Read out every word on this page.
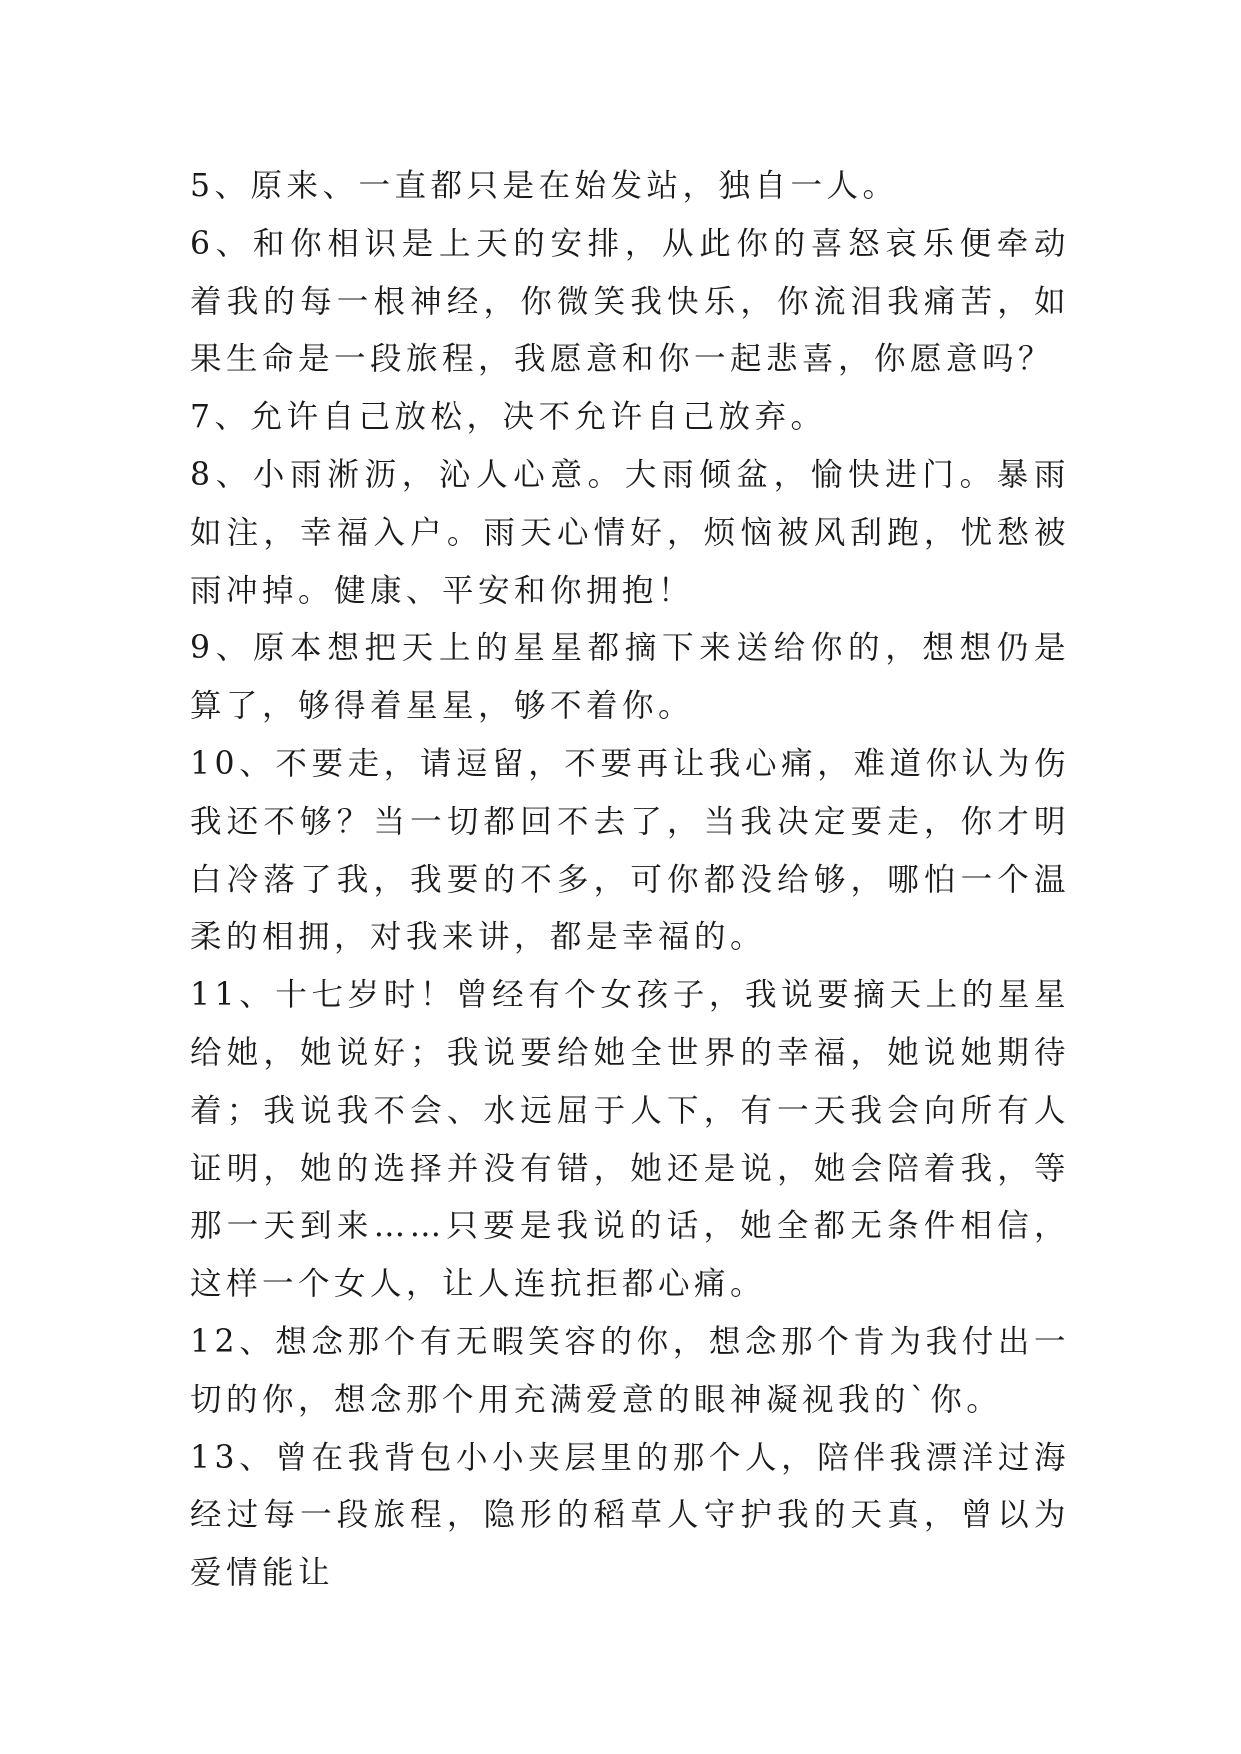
5、原来、一直都只是在始发站，独自一人。

6、和你相识是上天的安排，从此你的喜怒哀乐便牵动着我的每一根神经，你微笑我快乐，你流泪我痛苦，如果生命是一段旅程，我愿意和你一起悲喜，你愿意吗？

7、允许自己放松，决不允许自己放弃。

8、小雨淅沥，沁人心意。大雨倾盆，愉快进门。暴雨如注，幸福入户。雨天心情好，烦恼被风刮跑，忧愁被雨冲掉。健康、平安和你拥抱！

9、原本想把天上的星星都摘下来送给你的，想想仍是算了，够得着星星，够不着你。

10、不要走，请逗留，不要再让我心痛，难道你认为伤我还不够？当一切都回不去了，当我决定要走，你才明白冷落了我，我要的不多，可你都没给够，哪怕一个温柔的相拥，对我来讲，都是幸福的。

11、十七岁时！曾经有个女孩子，我说要摘天上的星星给她，她说好；我说要给她全世界的幸福，她说她期待着；我说我不会、水远屈于人下，有一天我会向所有人证明，她的选择并没有错，她还是说，她会陪着我，等那一天到来……只要是我说的话，她全都无条件相信，这样一个女人，让人连抗拒都心痛。

12、想念那个有无暇笑容的你，想念那个肯为我付出一切的你，想念那个用充满爱意的眼神凝视我的`你。

13、曾在我背包小小夹层里的那个人，陪伴我漂洋过海经过每一段旅程，隐形的稻草人守护我的天真，曾以为爱情能让
